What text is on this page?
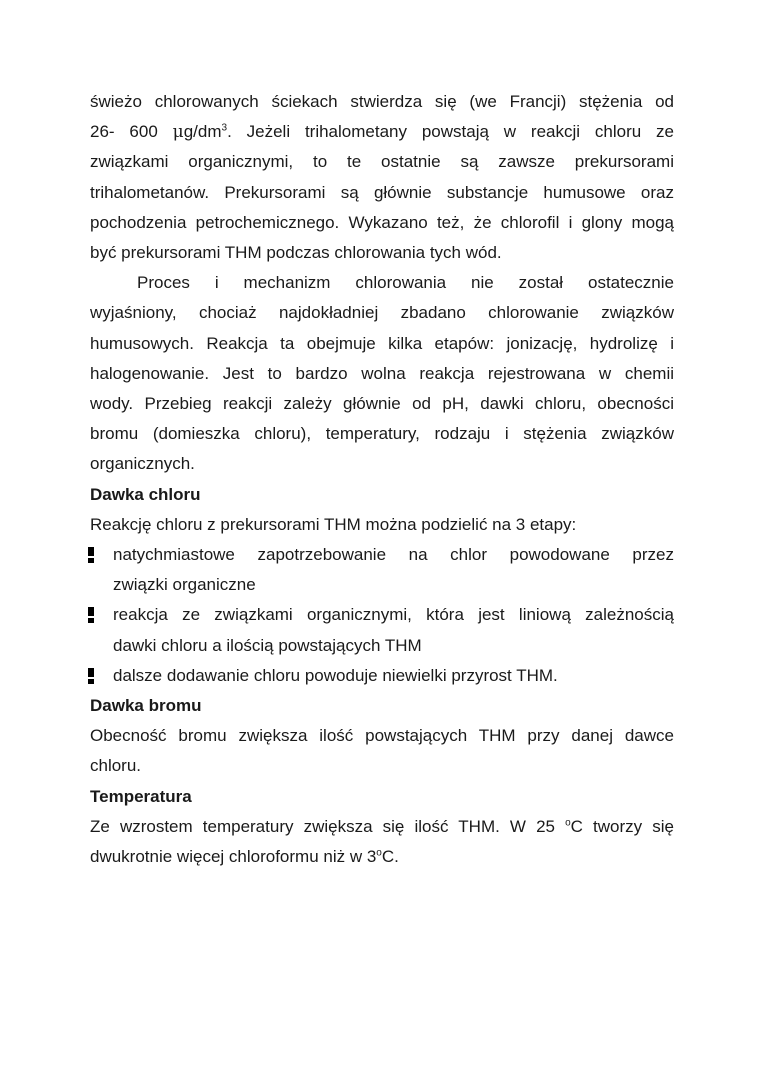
świeżo chlorowanych ściekach stwierdza się (we Francji) stężenia od
26- 600 $\mu g/dm^3$. Jeżeli trihalometany powstają w reakcji chloru ze
związkami organicznymi, to te ostatnie są zawsze prekursorami
trihalometanów. Prekursorami są głównie substancje humusowe oraz
pochodzenia petrochemicznego. Wykazano też, że chlorofil i glony mogą
być prekursorami THM podczas chlorowania tych wód.
Proces i mechanizm chlorowania nie został ostatecznie
wyjaśniony, chociaż najdokładniej zbadano chlorowanie związków
humusowych. Reakcja ta obejmuje kilka etapów: jonizację, hydrolizę i
halogenowanie. Jest to bardzo wolna reakcja rejestrowana w chemii
wody. Przebieg reakcji zależy głównie od pH, dawki chloru, obecności
bromu (domieszka chloru), temperatury, rodzaju i stężenia związków
organicznych.
Dawka chloru
Reakcję chloru z prekursorami THM można podzielić na 3 etapy:
natychmiastowe zapotrzebowanie na chlor powodowane przez
związki organiczne
reakcja ze związkami organicznymi, która jest liniową zależnością
dawki chloru a ilością powstających THM
dalsze dodawanie chloru powoduje niewielki przyrost THM.
Dawka bromu
Obecność bromu zwiększa ilość powstających THM przy danej dawce
chloru.
Temperatura
Ze wzrostem temperatury zwiększa się ilość THM. W 25 $^o$C tworzy się
dwukrotnie więcej chloroformu niż w 3$^o$C.
